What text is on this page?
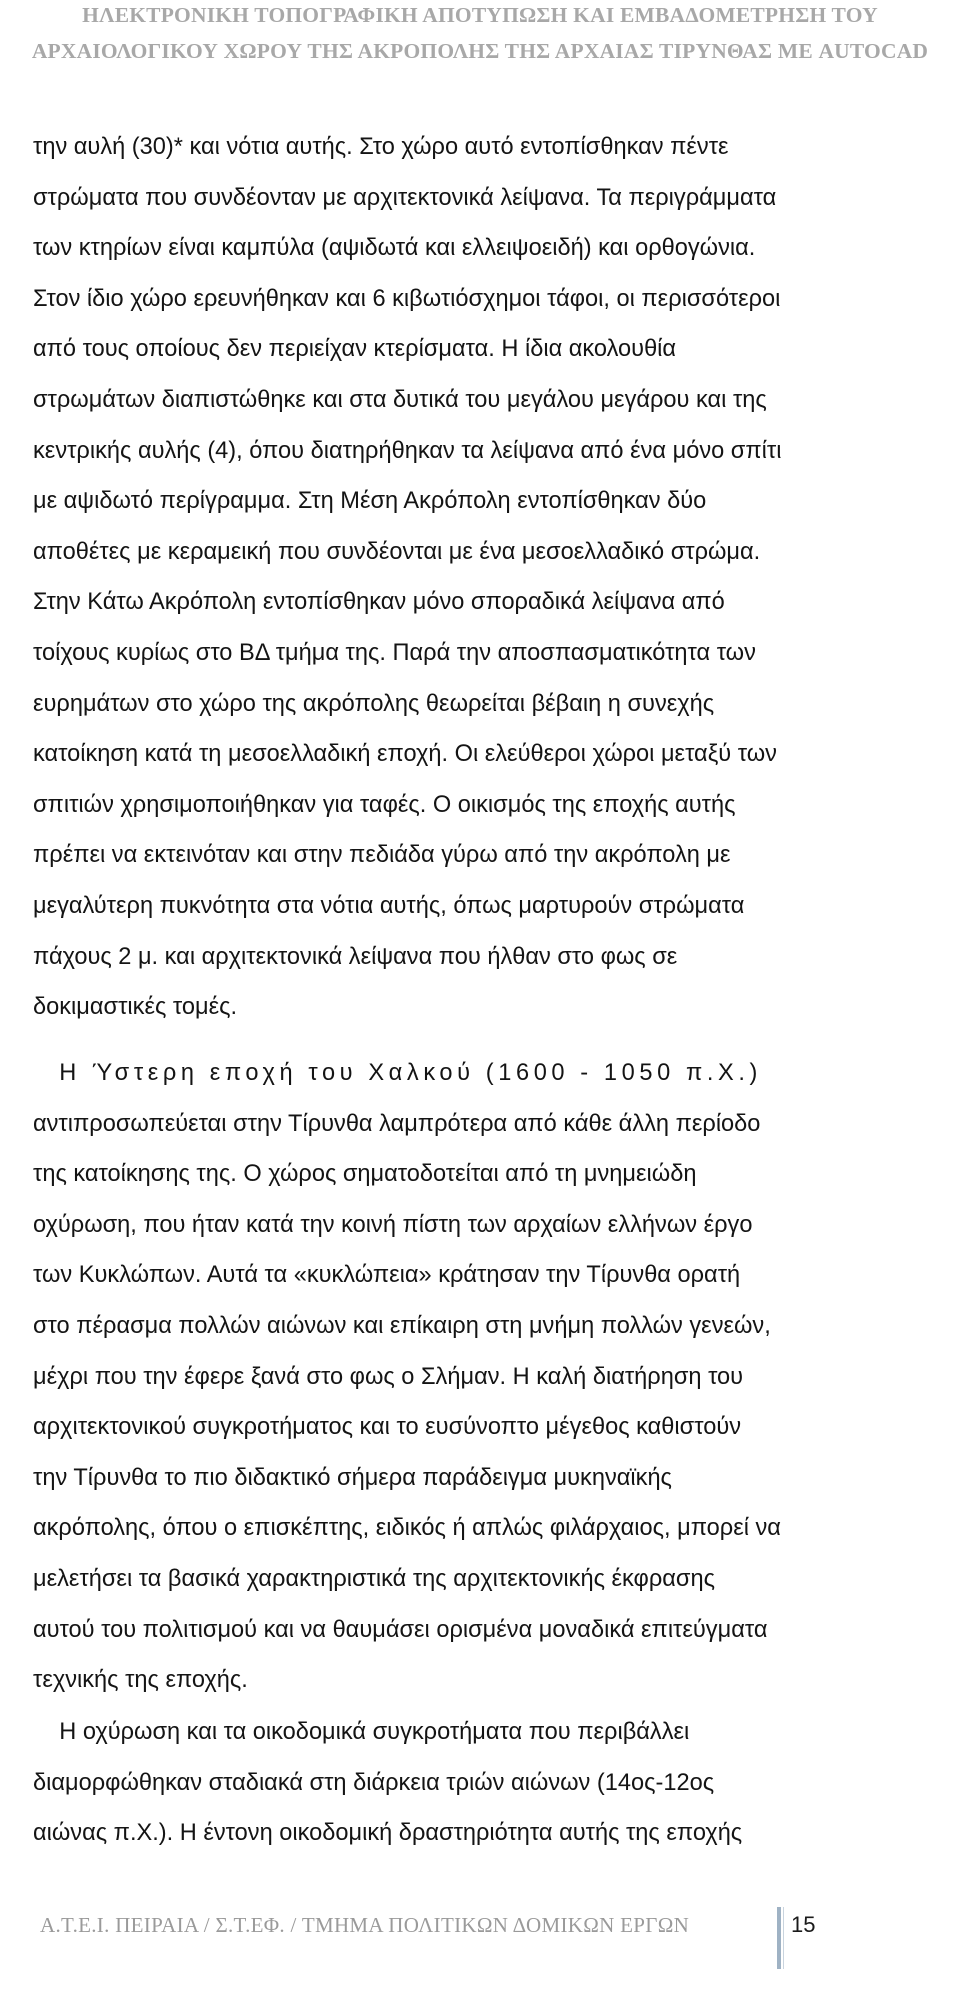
ΗΛΕΚΤΡΟΝΙΚΗ ΤΟΠΟΓΡΑΦΙΚΗ ΑΠΟΤΥΠΩΣΗ ΚΑΙ ΕΜΒΑΔΟΜΕΤΡΗΣΗ ΤΟΥ
ΑΡΧΑΙΟΛΟΓΙΚΟΥ ΧΩΡΟΥ ΤΗΣ ΑΚΡΟΠΟΛΗΣ ΤΗΣ ΑΡΧΑΙΑΣ ΤΙΡΥΝΘΑΣ ΜΕ AUTOCAD
την αυλή (30)* και νότια αυτής. Στο χώρο αυτό εντοπίσθηκαν πέντε
στρώματα που συνδέονταν με αρχιτεκτονικά λείψανα. Τα περιγράμματα
των κτηρίων είναι καμπύλα (αψιδωτά και ελλειψοειδή) και ορθογώνια.
Στον ίδιο χώρο ερευνήθηκαν και 6 κιβωτιόσχημοι τάφοι, οι περισσότεροι
από τους οποίους δεν περιείχαν κτερίσματα. Η ίδια ακολουθία
στρωμάτων διαπιστώθηκε και στα δυτικά του μεγάλου μεγάρου και της
κεντρικής αυλής (4), όπου διατηρήθηκαν τα λείψανα από ένα μόνο σπίτι
με αψιδωτό περίγραμμα. Στη Μέση Ακρόπολη εντοπίσθηκαν δύο
αποθέτες με κεραμεική που συνδέονται με ένα μεσοελλαδικό στρώμα.
Στην Κάτω Ακρόπολη εντοπίσθηκαν μόνο σποραδικά λείψανα από
τοίχους κυρίως στο ΒΔ τμήμα της. Παρά την αποσπασματικότητα των
ευρημάτων στο χώρο της ακρόπολης θεωρείται βέβαιη η συνεχής
κατοίκηση κατά τη μεσοελλαδική εποχή. Οι ελεύθεροι χώροι μεταξύ των
σπιτιών χρησιμοποιήθηκαν για ταφές. Ο οικισμός της εποχής αυτής
πρέπει να εκτεινόταν και στην πεδιάδα γύρω από την ακρόπολη με
μεγαλύτερη πυκνότητα στα νότια αυτής, όπως μαρτυρούν στρώματα
πάχους 2 μ. και αρχιτεκτονικά λείψανα που ήλθαν στο φως σε
δοκιμαστικές τομές.
Η Ύστερη εποχή του Χαλκού (1600 - 1050 π.Χ.)
αντιπροσωπεύεται στην Τίρυνθα λαμπρότερα από κάθε άλλη περίοδο
της κατοίκησης της. Ο χώρος σηματοδοτείται από τη μνημειώδη
οχύρωση, που ήταν κατά την κοινή πίστη των αρχαίων ελλήνων έργο
των Κυκλώπων. Αυτά τα «κυκλώπεια» κράτησαν την Τίρυνθα ορατή
στο πέρασμα πολλών αιώνων και επίκαιρη στη μνήμη πολλών γενεών,
μέχρι που την έφερε ξανά στο φως ο Σλήμαν. Η καλή διατήρηση του
αρχιτεκτονικού συγκροτήματος και το ευσύνοπτο μέγεθος καθιστούν
την Τίρυνθα το πιο διδακτικό σήμερα παράδειγμα μυκηναϊκής
ακρόπολης, όπου ο επισκέπτης, ειδικός ή απλώς φιλάρχαιος, μπορεί να
μελετήσει τα βασικά χαρακτηριστικά της αρχιτεκτονικής έκφρασης
αυτού του πολιτισμού και να θαυμάσει ορισμένα μοναδικά επιτεύγματα
τεχνικής της εποχής.
Η οχύρωση και τα οικοδομικά συγκροτήματα που περιβάλλει
διαμορφώθηκαν σταδιακά στη διάρκεια τριών αιώνων (14ος-12ος
αιώνας π.Χ.). Η έντονη οικοδομική δραστηριότητα αυτής της εποχής
Α.Τ.Ε.Ι. ΠΕΙΡΑΙΑ / Σ.Τ.ΕΦ. / ΤΜΗΜΑ ΠΟΛΙΤΙΚΩΝ ΔΟΜΙΚΩΝ ΕΡΓΩΝ	15
